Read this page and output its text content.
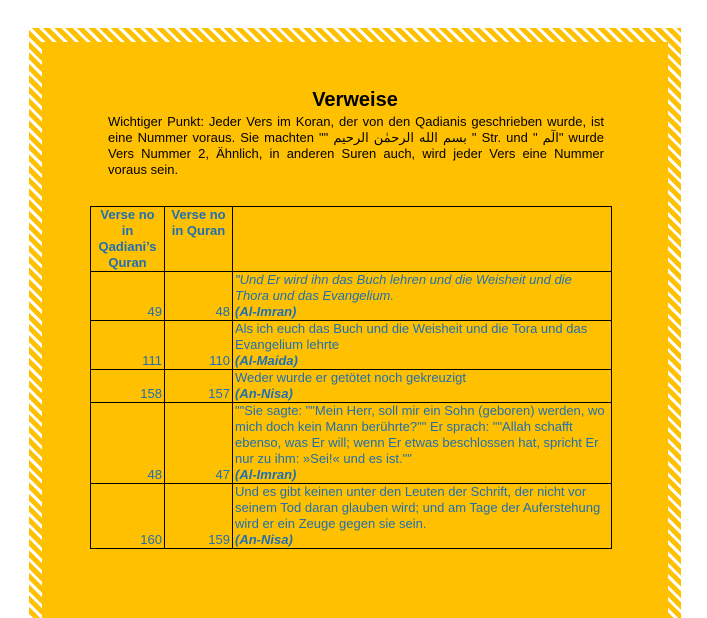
Verweise
Wichtiger Punkt: Jeder Vers im Koran, der von den Qadianis geschrieben wurde, ist eine Nummer voraus. Sie machten "" بسم الله الرحمٰن الرحيم " Str. und " الٓم" wurde Vers Nummer 2, Ähnlich, in anderen Suren auch, wird jeder Vers eine Nummer voraus sein.
Verse no in Qadiani’s Quran	Verse no in Quran	
49	48	"Und Er wird ihn das Buch lehren und die Weisheit und die Thora und das Evangelium.
(Al-Imran)

111	110	Als ich euch das Buch und die Weisheit und die Tora und das Evangelium lehrte
(Al-Maida)

158	157	Weder wurde er getötet noch gekreuzigt
(An-Nisa)

48	47	""Sie sagte: ""Mein Herr, soll mir ein Sohn (geboren) werden, wo mich doch kein Mann berührte?"" Er sprach: ""Allah schafft ebenso, was Er will; wenn Er etwas beschlossen hat, spricht Er nur zu ihm: »Sei!« und es ist.""
(Al-Imran)

160	159	Und es gibt keinen unter den Leuten der Schrift, der nicht vor seinem Tod daran glauben wird; und am Tage der Auferstehung wird er ein Zeuge gegen sie sein.
(An-Nisa)
